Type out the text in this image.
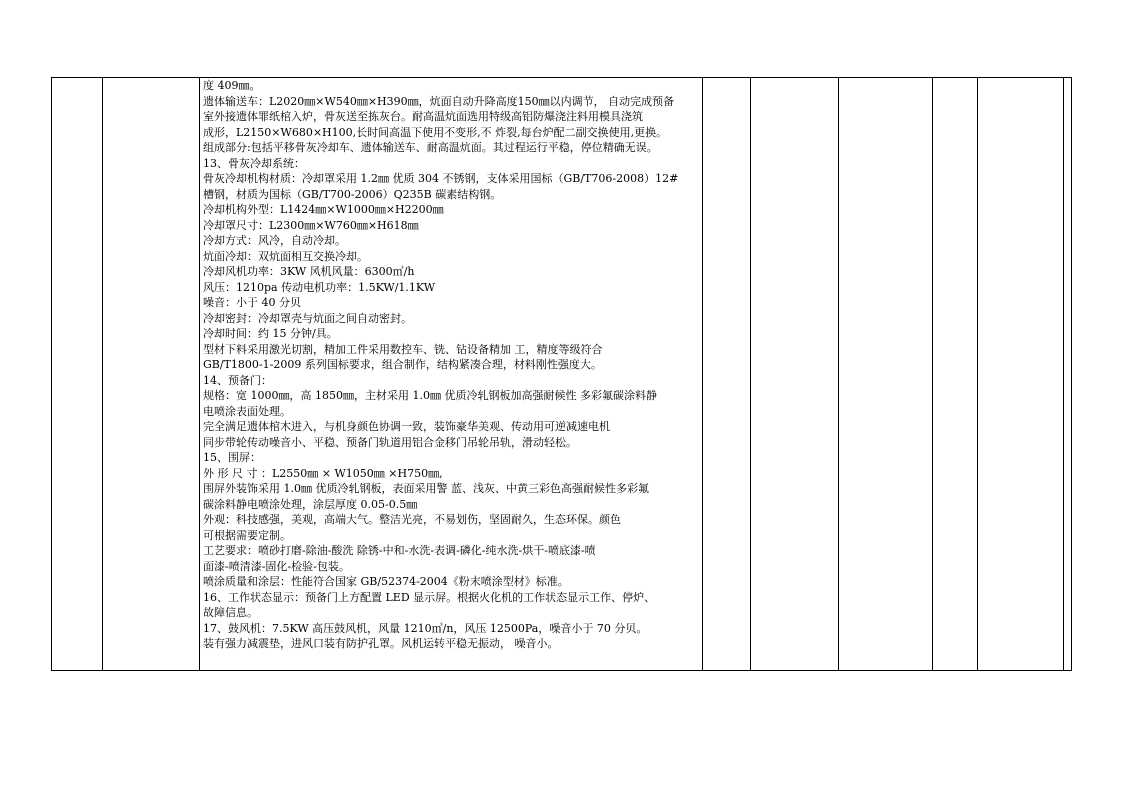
度 409㎜。
遗体输送车：L2020㎜×W540㎜×H390㎜，炕面自动升降高度150㎜以内调节， 自动完成预备
室外接遗体罪纸棺入炉，骨灰送至拣灰台。耐高温炕面选用特级高铝防爆浇注料用模具浇筑
成形，L2150×W680×H100,长时间高温下使用不变形,不 炸裂,每台炉配二副交换使用,更换。
组成部分:包括平移骨灰冷却车、遗体输送车、耐高温炕面。其过程运行平稳，停位精确无误。
13、骨灰冷却系统：
骨灰冷却机构材质：冷却罩采用 1.2㎜ 优质 304 不锈钢，支体采用国标（GB/T706-2008）12#
槽钢，材质为国标（GB/T700-2006）Q235B 碳素结构钢。
冷却机构外型：L1424㎜×W1000㎜×H2200㎜
冷却罩尺寸：L2300㎜×W760㎜×H618㎜
冷却方式：风冷，自动冷却。
炕面冷却：双炕面相互交换冷却。
冷却风机功率：3KW 风机风量：6300㎥/h
风压：1210pa 传动电机功率：1.5KW/1.1KW
噪音：小于 40 分贝
冷却密封：冷却罩壳与炕面之间自动密封。
冷却时间：约 15 分钟/具。
型材下料采用激光切割，精加工件采用数控车、铣、钻设备精加 工，精度等级符合
GB/T1800-1-2009 系列国标要求，组合制作，结构紧凑合理，材料刚性强度大。
14、预备门：
规格：宽 1000㎜，高 1850㎜，主材采用 1.0㎜ 优质冷轧钢板加高强耐候性 多彩氟碳涂料静
电喷涂表面处理。
完全满足遗体棺木进入，与机身颜色协调一致，装饰豪华美观、传动用可逆减速电机
同步带轮传动噪音小、平稳、预备门轨道用铝合金移门吊轮吊轨，滑动轻松。
15、围屏：
外 形 尺 寸 ：L2550㎜ × W1050㎜ ×H750㎜,
围屏外装饰采用 1.0㎜ 优质冷轧钢板，表面采用警 蓝、浅灰、中黄三彩色高强耐候性多彩氟
碳涂料静电喷涂处理，涂层厚度 0.05-0.5㎜
外观：科技感强，美观，高端大气。整洁光亮，不易划伤，坚固耐久，生态环保。颜色
可根据需要定制。
工艺要求：喷砂打磨-除油-酸洗 除锈-中和-水洗-表调-磷化-纯水洗-烘干-喷底漆-喷
面漆-喷清漆-固化-检验-包装。
喷涂质量和涂层：性能符合国家 GB/52374-2004《粉末喷涂型材》标准。
16、工作状态显示：预备门上方配置 LED 显示屏。根据火化机的工作状态显示工作、停炉、
故障信息。
17、鼓风机：7.5KW 高压鼓风机，风量 1210㎥/n，风压 12500Pa，噪音小于 70 分贝。
装有强力减震垫，进风口装有防护孔罩。风机运转平稳无振动， 噪音小。
